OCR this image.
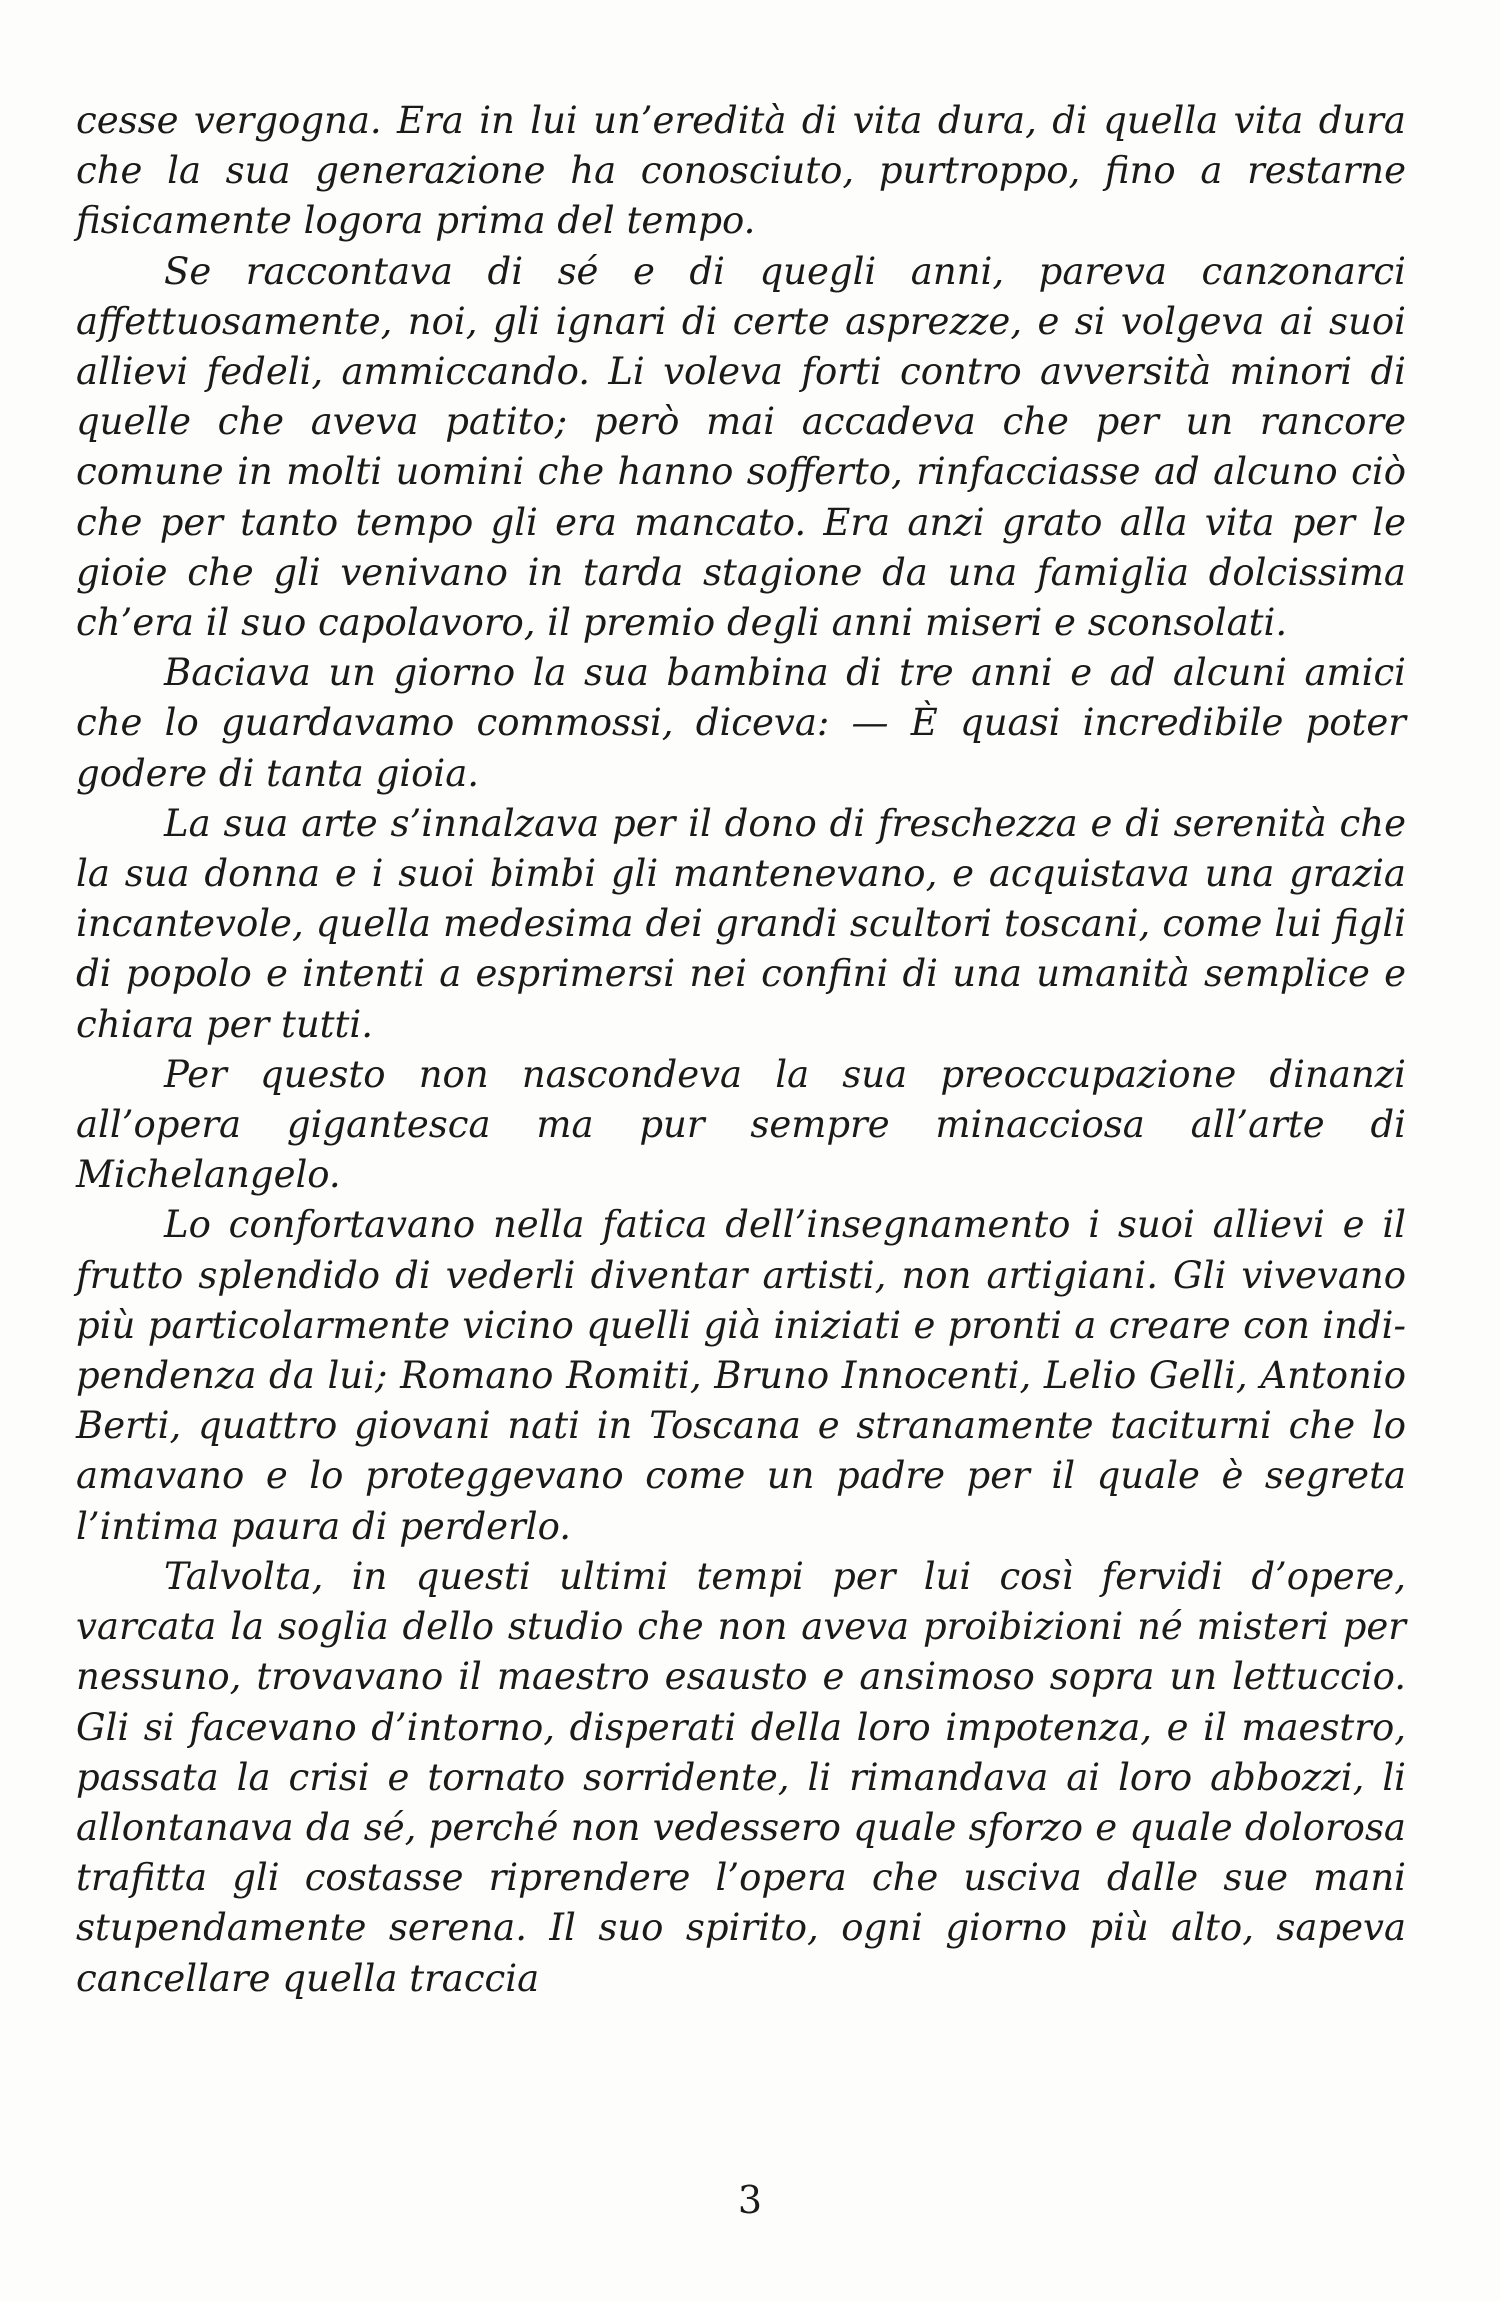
cesse vergogna. Era in lui un’eredità di vita dura, di quella vita dura che la sua generazione ha conosciuto, purtroppo, fino a restarne fisicamente logora prima del tempo.

Se raccontava di sé e di quegli anni, pareva canzonarci affettuosamente, noi, gli ignari di certe asprezze, e si volgeva ai suoi allievi fedeli, ammiccando. Li voleva forti contro avversità minori di quelle che aveva patito; però mai accadeva che per un rancore comune in molti uomini che hanno sofferto, rinfacciasse ad alcuno ciò che per tanto tempo gli era mancato. Era anzi grato alla vita per le gioie che gli venivano in tarda stagione da una famiglia dolcissima ch’era il suo capolavoro, il premio degli anni miseri e sconsolati.

Baciava un giorno la sua bambina di tre anni e ad alcuni amici che lo guardavamo commossi, diceva: — È quasi incredibile poter godere di tanta gioia.

La sua arte s’innalzava per il dono di freschezza e di serenità che la sua donna e i suoi bimbi gli mantenevano, e acquistava una grazia incantevole, quella medesima dei grandi scultori toscani, come lui figli di popolo e intenti a esprimersi nei confini di una umanità semplice e chiara per tutti.

Per questo non nascondeva la sua preoccupazione dinanzi all’opera gigantesca ma pur sempre minacciosa all’arte di Michelangelo.

Lo confortavano nella fatica dell’insegnamento i suoi allievi e il frutto splendido di vederli diventar artisti, non artigiani. Gli vivevano più particolarmente vicino quelli già iniziati e pronti a creare con indipendenza da lui; Romano Romiti, Bruno Innocenti, Lelio Gelli, Antonio Berti, quattro giovani nati in Toscana e stranamente taciturni che lo amavano e lo proteggevano come un padre per il quale è segreta l’intima paura di perderlo.

Talvolta, in questi ultimi tempi per lui così fervidi d’opere, varcata la soglia dello studio che non aveva proibizioni né misteri per nessuno, trovavano il maestro esausto e ansimoso sopra un lettuccio. Gli si facevano d’intorno, disperati della loro impotenza, e il maestro, passata la crisi e tornato sorridente, li rimandava ai loro abbozzi, li allontanava da sé, perché non vedessero quale sforzo e quale dolorosa trafitta gli costasse riprendere l’opera che usciva dalle sue mani stupendamente serena. Il suo spirito, ogni giorno più alto, sapeva cancellare quella traccia

3
